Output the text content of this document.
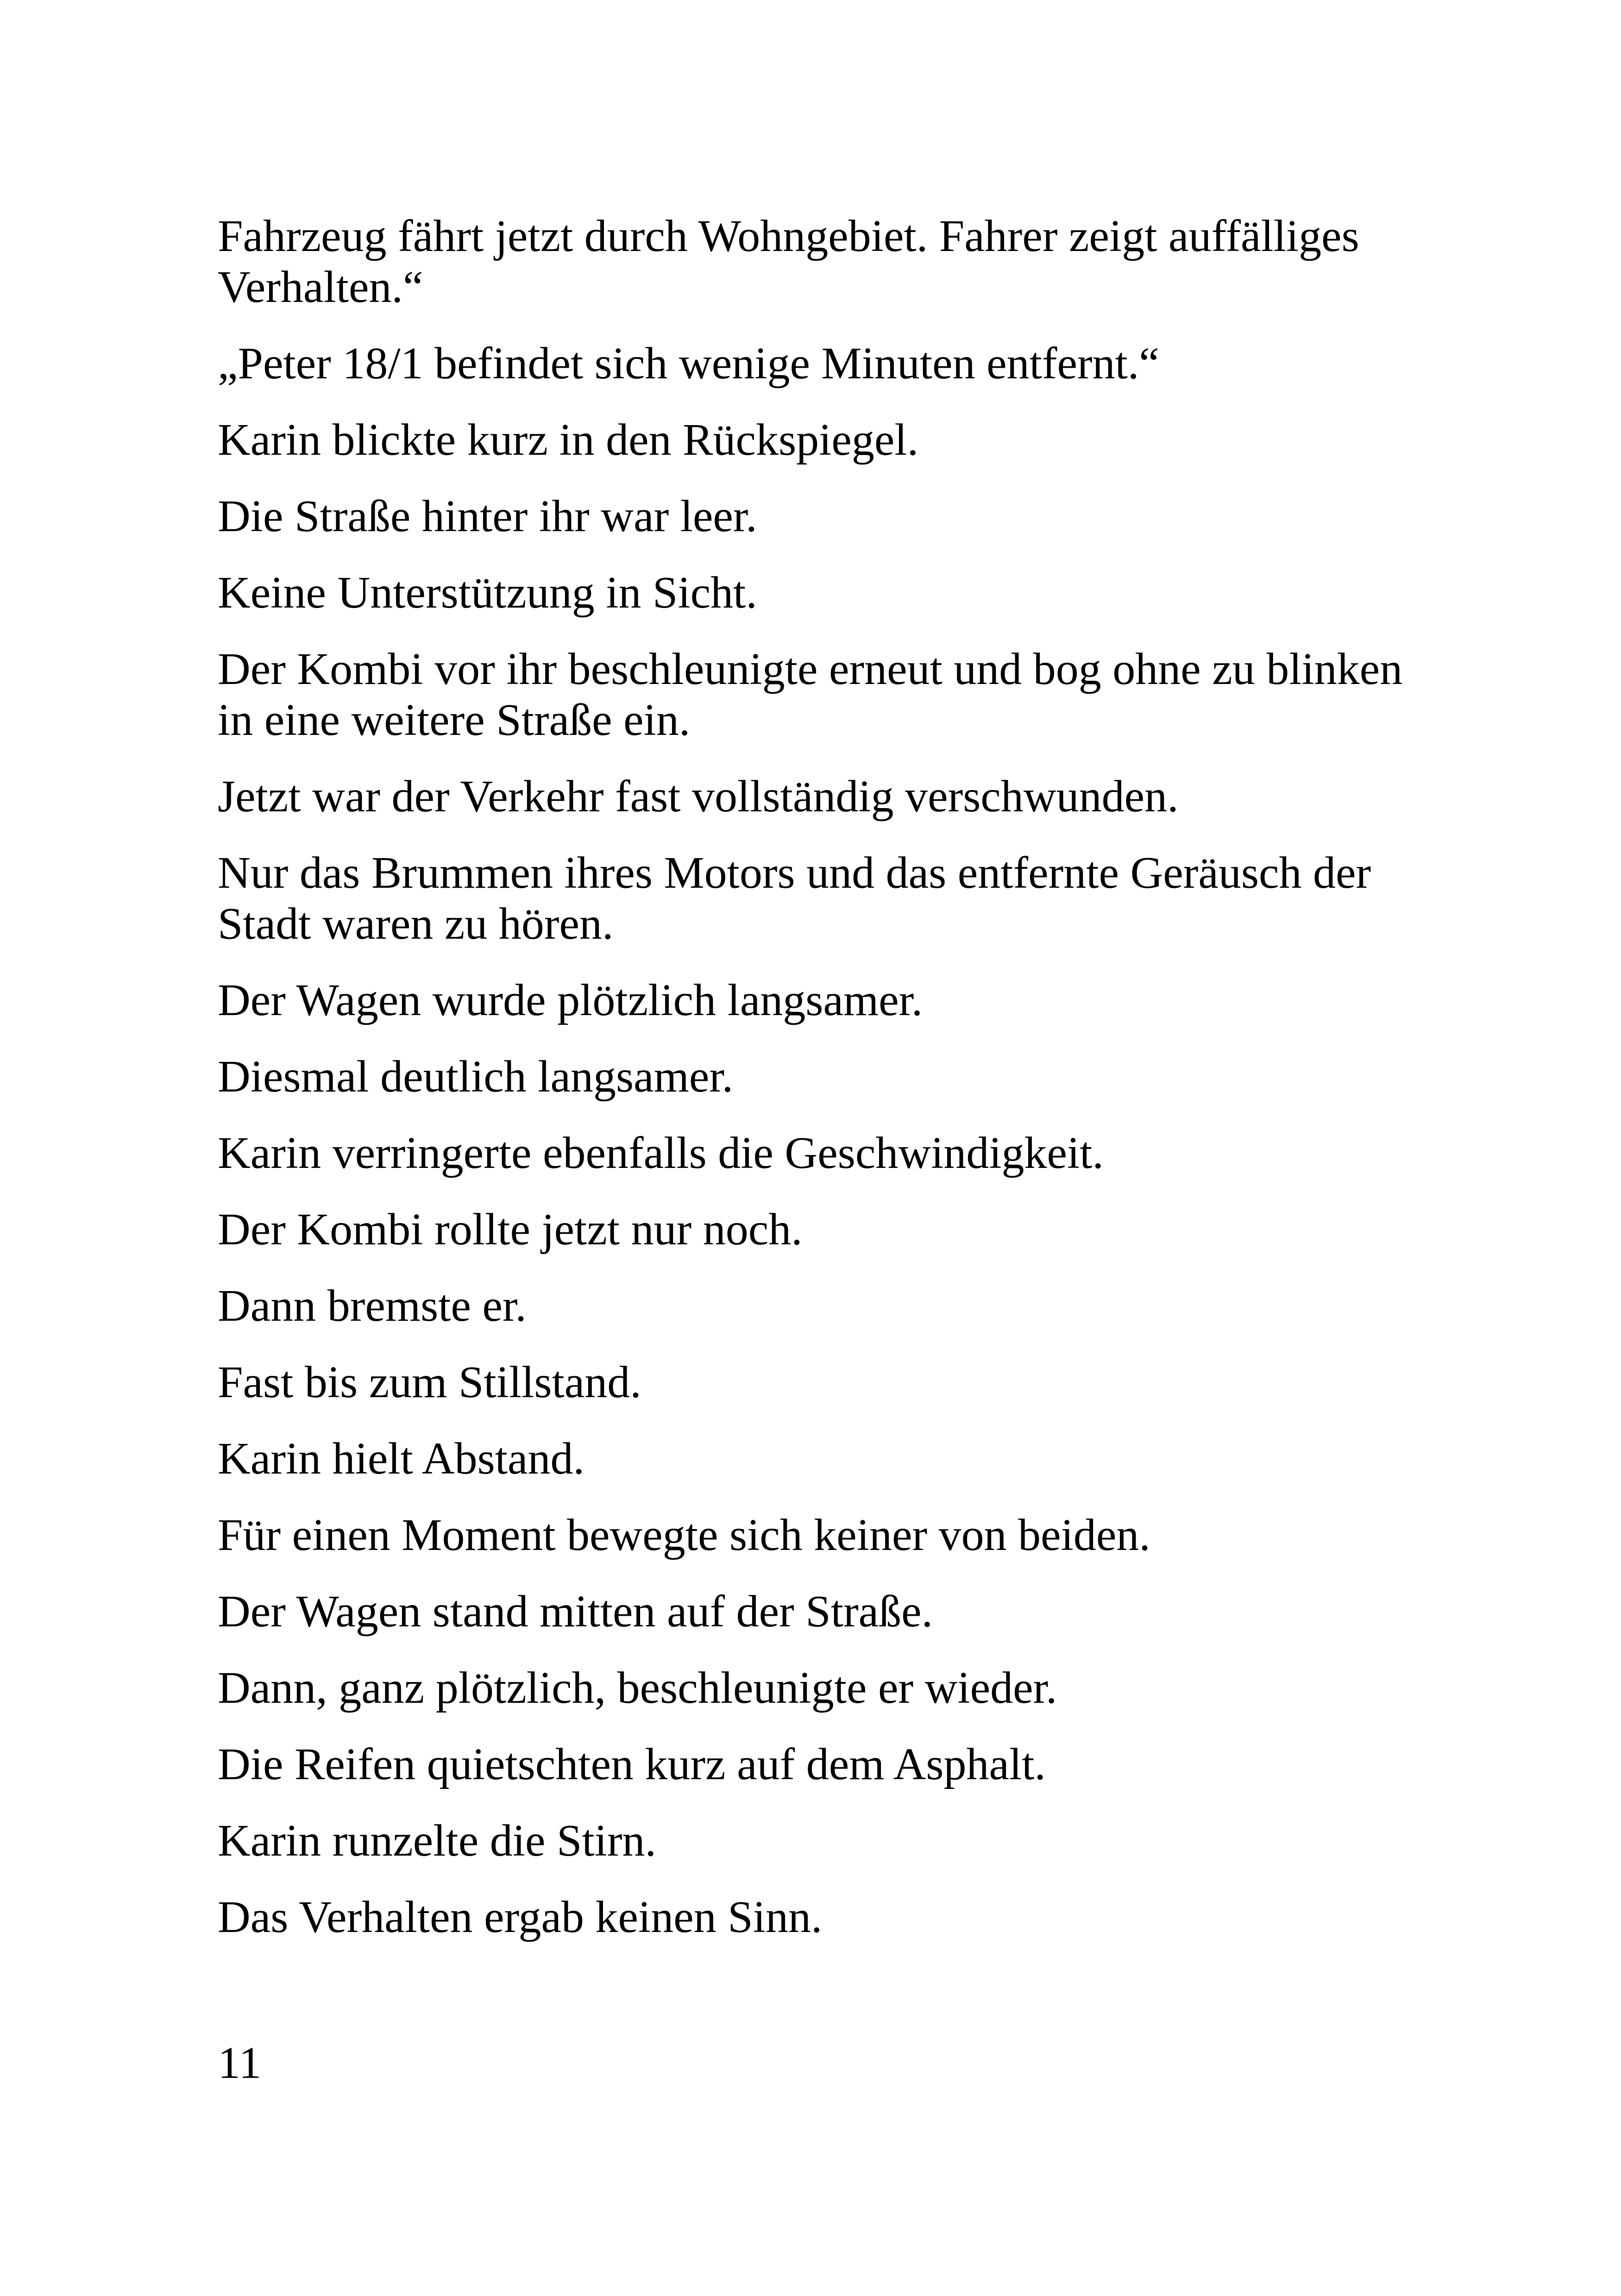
Fahrzeug fährt jetzt durch Wohngebiet. Fahrer zeigt auffälliges Verhalten.“

„Peter 18/1 befindet sich wenige Minuten entfernt.“

Karin blickte kurz in den Rückspiegel.

Die Straße hinter ihr war leer.

Keine Unterstützung in Sicht.

Der Kombi vor ihr beschleunigte erneut und bog ohne zu blinken in eine weitere Straße ein.

Jetzt war der Verkehr fast vollständig verschwunden.

Nur das Brummen ihres Motors und das entfernte Geräusch der Stadt waren zu hören.

Der Wagen wurde plötzlich langsamer.

Diesmal deutlich langsamer.

Karin verringerte ebenfalls die Geschwindigkeit.

Der Kombi rollte jetzt nur noch.

Dann bremste er.

Fast bis zum Stillstand.

Karin hielt Abstand.

Für einen Moment bewegte sich keiner von beiden.

Der Wagen stand mitten auf der Straße.

Dann, ganz plötzlich, beschleunigte er wieder.

Die Reifen quietschten kurz auf dem Asphalt.

Karin runzelte die Stirn.

Das Verhalten ergab keinen Sinn.

11
